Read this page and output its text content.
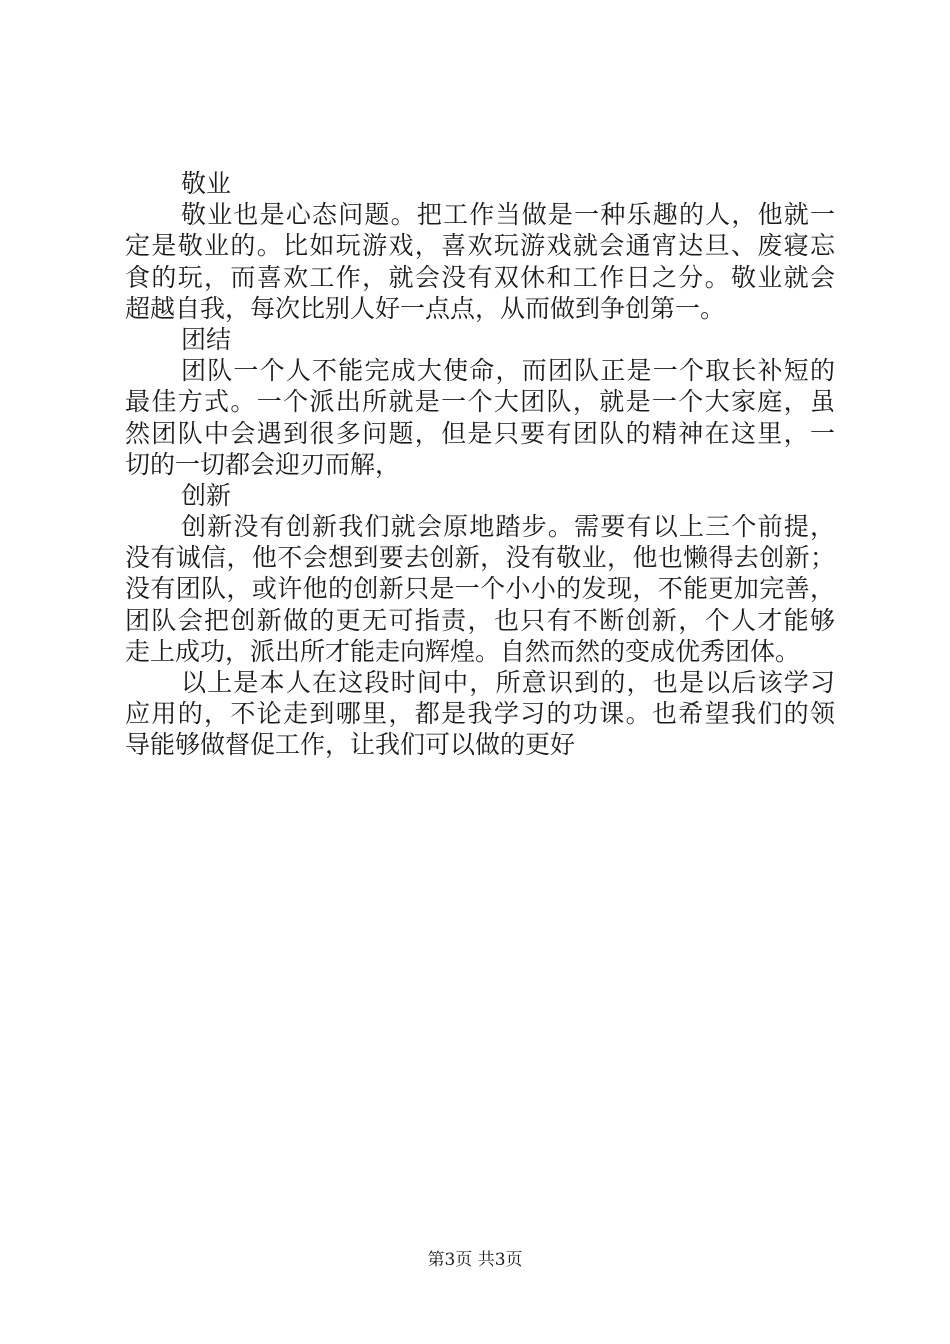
敬业
敬业也是心态问题。把工作当做是一种乐趣的人，他就一
定是敬业的。比如玩游戏，喜欢玩游戏就会通宵达旦、废寝忘
食的玩，而喜欢工作，就会没有双休和工作日之分。敬业就会
超越自我，每次比别人好一点点，从而做到争创第一。
团结
团队一个人不能完成大使命，而团队正是一个取长补短的
最佳方式。一个派出所就是一个大团队，就是一个大家庭，虽
然团队中会遇到很多问题，但是只要有团队的精神在这里，一
切的一切都会迎刃而解，
创新
创新没有创新我们就会原地踏步。需要有以上三个前提，
没有诚信，他不会想到要去创新，没有敬业，他也懒得去创新；
没有团队，或许他的创新只是一个小小的发现，不能更加完善，
团队会把创新做的更无可指责，也只有不断创新，个人才能够
走上成功，派出所才能走向辉煌。自然而然的变成优秀团体。
以上是本人在这段时间中，所意识到的，也是以后该学习
应用的，不论走到哪里，都是我学习的功课。也希望我们的领
导能够做督促工作，让我们可以做的更好
第3页 共3页
